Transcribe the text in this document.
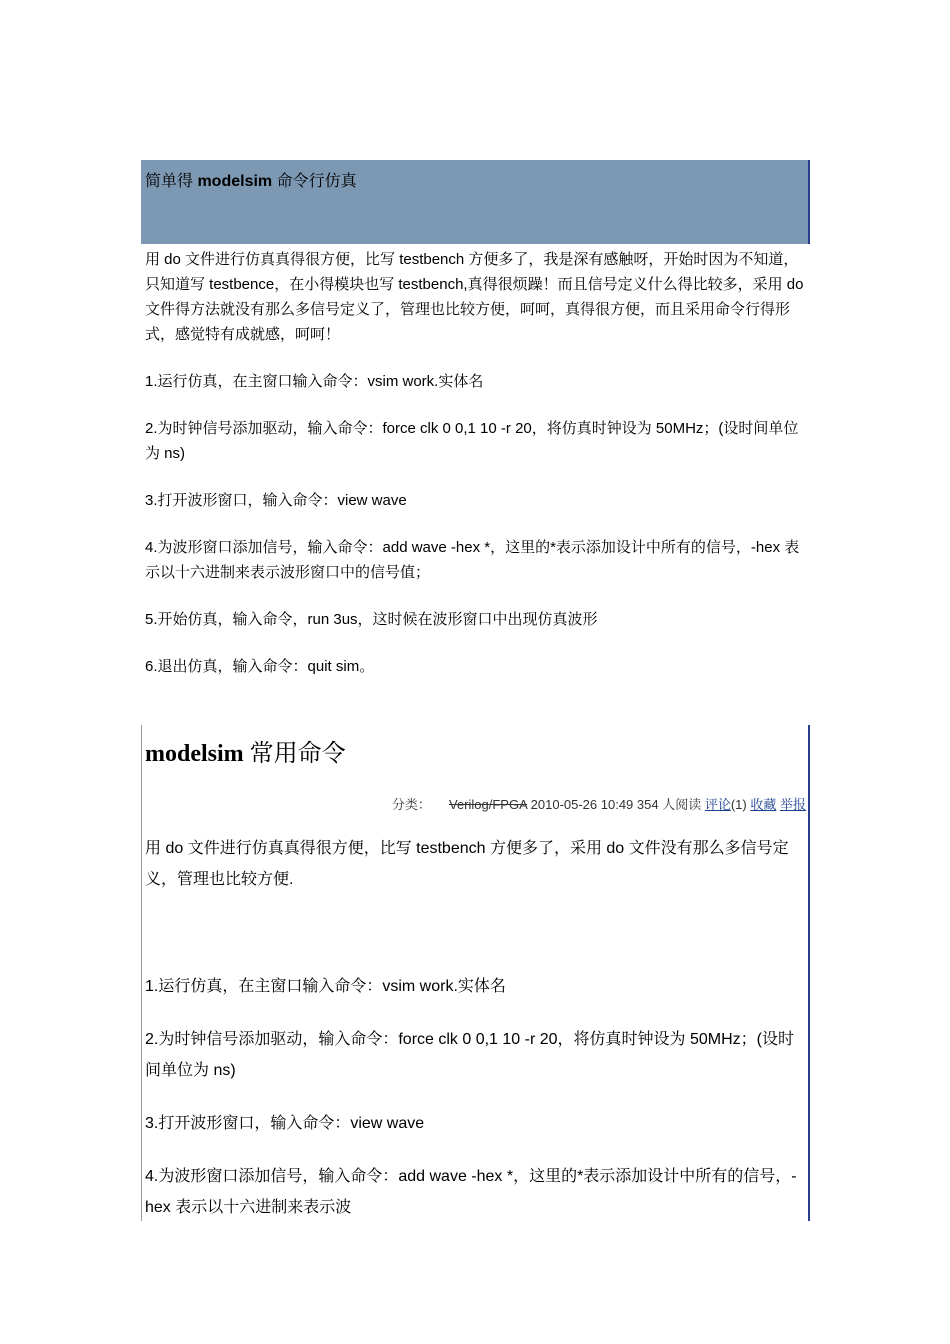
简单得 modelsim 命令行仿真
用 do 文件进行仿真真得很方便，比写 testbench 方便多了，我是深有感触呀，开始时因为不知道，只知道写 testbence，在小得模块也写 testbench,真得很烦躁！而且信号定义什么得比较多，采用 do 文件得方法就没有那么多信号定义了，管理也比较方便，呵呵，真得很方便，而且采用命令行得形式，感觉特有成就感，呵呵！
1.运行仿真，在主窗口输入命令：vsim work.实体名
2.为时钟信号添加驱动，输入命令：force clk 0 0,1 10 -r 20，将仿真时钟设为 50MHz；(设时间单位为 ns)
3.打开波形窗口，输入命令：view wave
4.为波形窗口添加信号，输入命令：add wave -hex *，这里的*表示添加设计中所有的信号，-hex 表示以十六进制来表示波形窗口中的信号值；
5.开始仿真，输入命令，run 3us，这时候在波形窗口中出现仿真波形
6.退出仿真，输入命令：quit sim。
modelsim 常用命令
分类： Verilog/FPGA 2010-05-26 10:49 354 人阅读 评论(1) 收藏 举报
用 do 文件进行仿真真得很方便，比写 testbench 方便多了，采用 do 文件没有那么多信号定义，管理也比较方便.
1.运行仿真，在主窗口输入命令：vsim work.实体名
2.为时钟信号添加驱动，输入命令：force clk 0 0,1 10 -r 20，将仿真时钟设为 50MHz；(设时间单位为 ns)
3.打开波形窗口，输入命令：view wave
4.为波形窗口添加信号，输入命令：add wave -hex *，这里的*表示添加设计中所有的信号，-hex 表示以十六进制来表示波
